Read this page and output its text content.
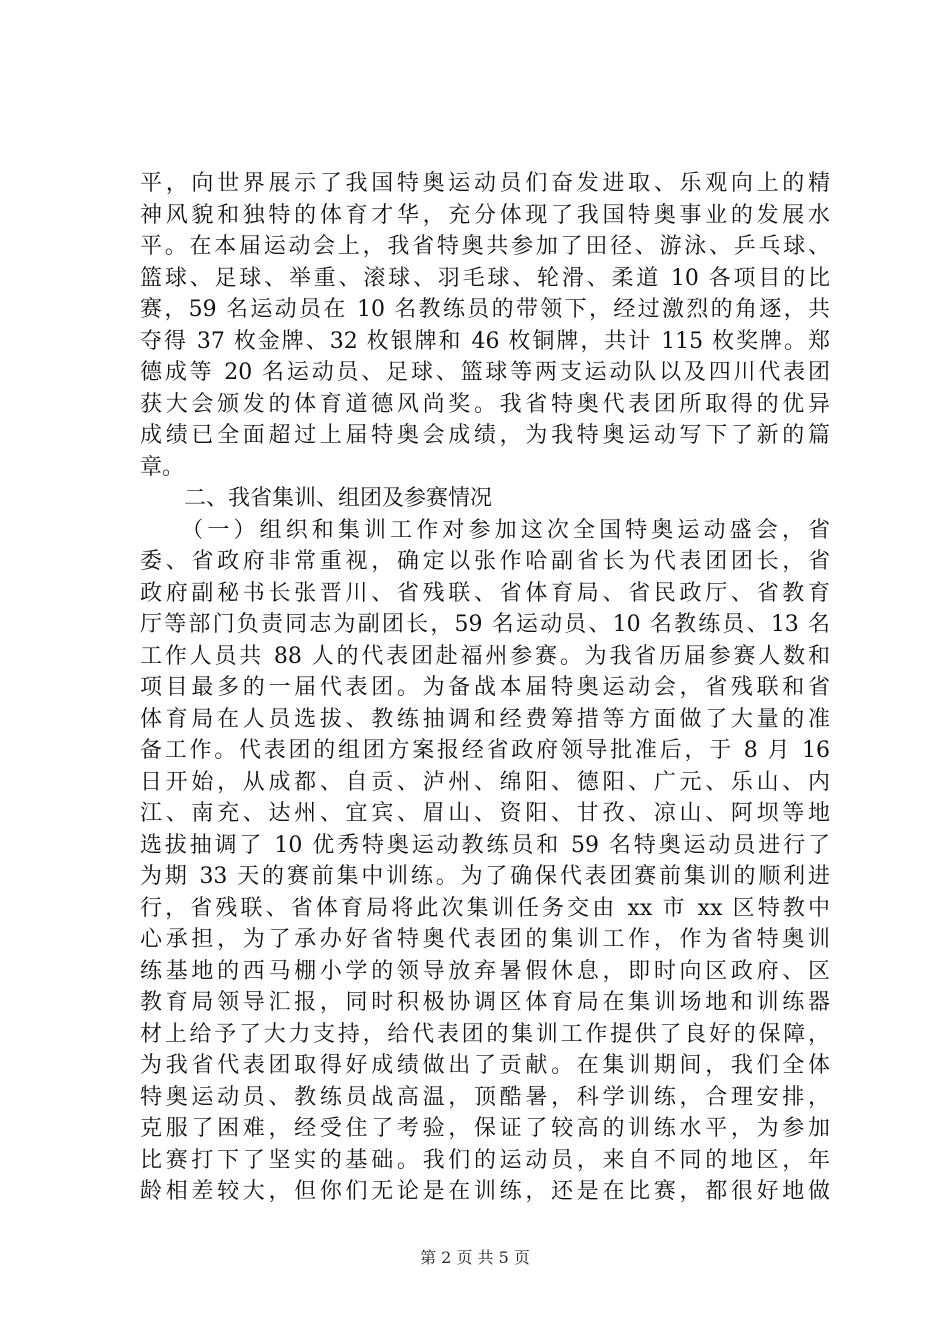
平，向世界展示了我国特奥运动员们奋发进取、乐观向上的精
神风貌和独特的体育才华，充分体现了我国特奥事业的发展水
平。在本届运动会上，我省特奥共参加了田径、游泳、乒乓球、
篮球、足球、举重、滚球、羽毛球、轮滑、柔道 10 各项目的比
赛，59 名运动员在 10 名教练员的带领下，经过激烈的角逐，共
夺得 37 枚金牌、32 枚银牌和 46 枚铜牌，共计 115 枚奖牌。郑
德成等 20 名运动员、足球、篮球等两支运动队以及四川代表团
获大会颁发的体育道德风尚奖。我省特奥代表团所取得的优异
成绩已全面超过上届特奥会成绩，为我特奥运动写下了新的篇
章。
　　二、我省集训、组团及参赛情况
　　（一）组织和集训工作对参加这次全国特奥运动盛会，省
委、省政府非常重视，确定以张作哈副省长为代表团团长，省
政府副秘书长张晋川、省残联、省体育局、省民政厅、省教育
厅等部门负责同志为副团长，59 名运动员、10 名教练员、13 名
工作人员共 88 人的代表团赴福州参赛。为我省历届参赛人数和
项目最多的一届代表团。为备战本届特奥运动会，省残联和省
体育局在人员选拔、教练抽调和经费筹措等方面做了大量的准
备工作。代表团的组团方案报经省政府领导批准后，于 8 月 16
日开始，从成都、自贡、泸州、绵阳、德阳、广元、乐山、内
江、南充、达州、宜宾、眉山、资阳、甘孜、凉山、阿坝等地
选拔抽调了 10 优秀特奥运动教练员和 59 名特奥运动员进行了
为期 33 天的赛前集中训练。为了确保代表团赛前集训的顺利进
行，省残联、省体育局将此次集训任务交由 xx 市 xx 区特教中
心承担，为了承办好省特奥代表团的集训工作，作为省特奥训
练基地的西马棚小学的领导放弃暑假休息，即时向区政府、区
教育局领导汇报，同时积极协调区体育局在集训场地和训练器
材上给予了大力支持，给代表团的集训工作提供了良好的保障，
为我省代表团取得好成绩做出了贡献。在集训期间，我们全体
特奥运动员、教练员战高温，顶酷暑，科学训练，合理安排，
克服了困难，经受住了考验，保证了较高的训练水平，为参加
比赛打下了坚实的基础。我们的运动员，来自不同的地区，年
龄相差较大，但你们无论是在训练，还是在比赛，都很好地做
第 2 页 共 5 页
